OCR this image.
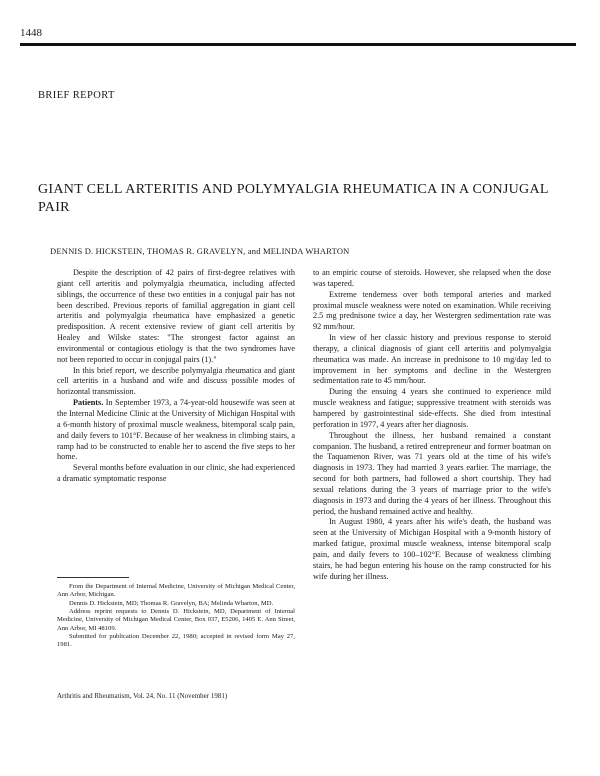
1448
BRIEF REPORT
GIANT CELL ARTERITIS AND POLYMYALGIA RHEUMATICA IN A CONJUGAL PAIR
DENNIS D. HICKSTEIN, THOMAS R. GRAVELYN, and MELINDA WHARTON

Despite the description of 42 pairs of first-degree relatives with giant cell arteritis and polymyalgia rheumatica, including affected siblings, the occurrence of these two entities in a conjugal pair has not been described. Previous reports of familial aggregation in giant cell arteritis and polymyalgia rheumatica have emphasized a genetic predisposition. A recent extensive review of giant cell arteritis by Healey and Wilske states: "The strongest factor against an environmental or contagious etiology is that the two syndromes have not been reported to occur in conjugal pairs (1)."

In this brief report, we describe polymyalgia rheumatica and giant cell arteritis in a husband and wife and discuss possible modes of horizontal transmission.

Patients. In September 1973, a 74-year-old housewife was seen at the Internal Medicine Clinic at the University of Michigan Hospital with a 6-month history of proximal muscle weakness, bitemporal scalp pain, and daily fevers to 101°F. Because of her weakness in climbing stairs, a ramp had to be constructed to enable her to ascend the five steps to her home.

Several months before evaluation in our clinic, she had experienced a dramatic symptomatic response

From the Department of Internal Medicine, University of Michigan Medical Center, Ann Arbor, Michigan.

Dennis D. Hickstein, MD; Thomas R. Gravelyn, BA; Melinda Wharton, MD.

Address reprint requests to Dennis D. Hickstein, MD, Department of Internal Medicine, University of Michigan Medical Center, Box 037, E5206, 1405 E. Ann Street, Ann Arbor, MI 48109.

Submitted for publication December 22, 1980; accepted in revised form May 27, 1981.

Arthritis and Rheumatism, Vol. 24, No. 11 (November 1981)

to an empiric course of steroids. However, she relapsed when the dose was tapered.

Extreme tenderness over both temporal arteries and marked proximal muscle weakness were noted on examination. While receiving 2.5 mg prednisone twice a day, her Westergren sedimentation rate was 92 mm/hour.

In view of her classic history and previous response to steroid therapy, a clinical diagnosis of giant cell arteritis and polymyalgia rheumatica was made. An increase in prednisone to 10 mg/day led to improvement in her symptoms and decline in the Westergren sedimentation rate to 45 mm/hour.

During the ensuing 4 years she continued to experience mild muscle weakness and fatigue; suppressive treatment with steroids was hampered by gastrointestinal side-effects. She died from intestinal perforation in 1977, 4 years after her diagnosis.

Throughout the illness, her husband remained a constant companion. The husband, a retired entrepreneur and former boatman on the Taquamenon River, was 71 years old at the time of his wife's diagnosis in 1973. They had married 3 years earlier. The marriage, the second for both partners, had followed a short courtship. They had sexual relations during the 3 years of marriage prior to the wife's diagnosis in 1973 and during the 4 years of her illness. Throughout this period, the husband remained active and healthy.

In August 1980, 4 years after his wife's death, the husband was seen at the University of Michigan Hospital with a 9-month history of marked fatigue, proximal muscle weakness, intense bitemporal scalp pain, and daily fevers to 100–102°F. Because of weakness climbing stairs, he had begun entering his house on the ramp constructed for his wife during her illness.
